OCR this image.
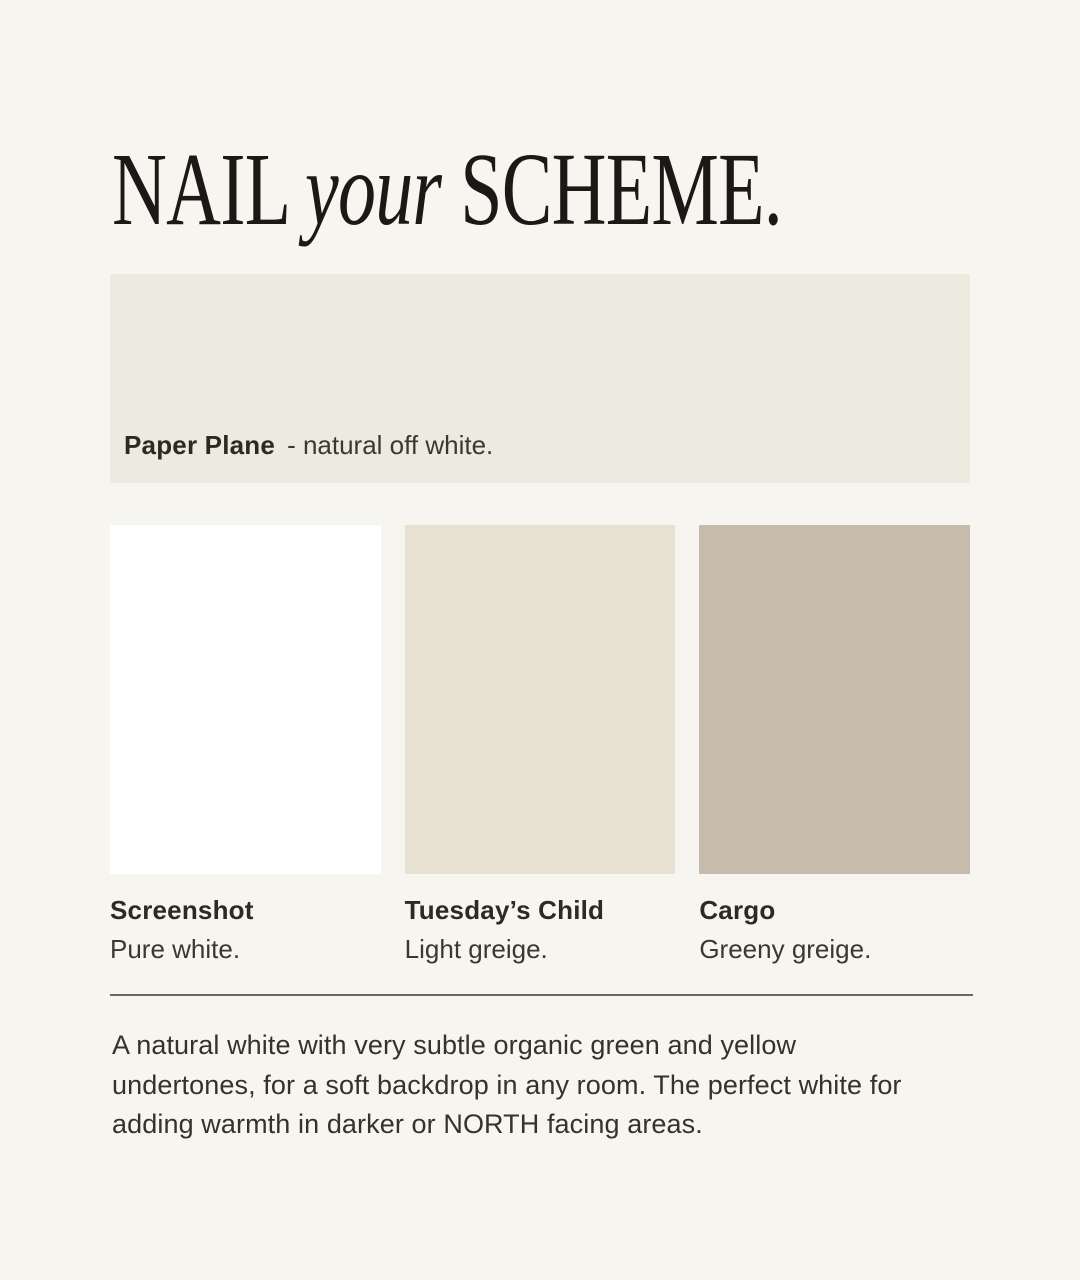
NAIL your SCHEME.
Paper Plane - natural off white.
Screenshot
Pure white.
Tuesday’s Child
Light greige.
Cargo
Greeny greige.
A natural white with very subtle organic green and yellow
undertones, for a soft backdrop in any room. The perfect white for
adding warmth in darker or NORTH facing areas.
